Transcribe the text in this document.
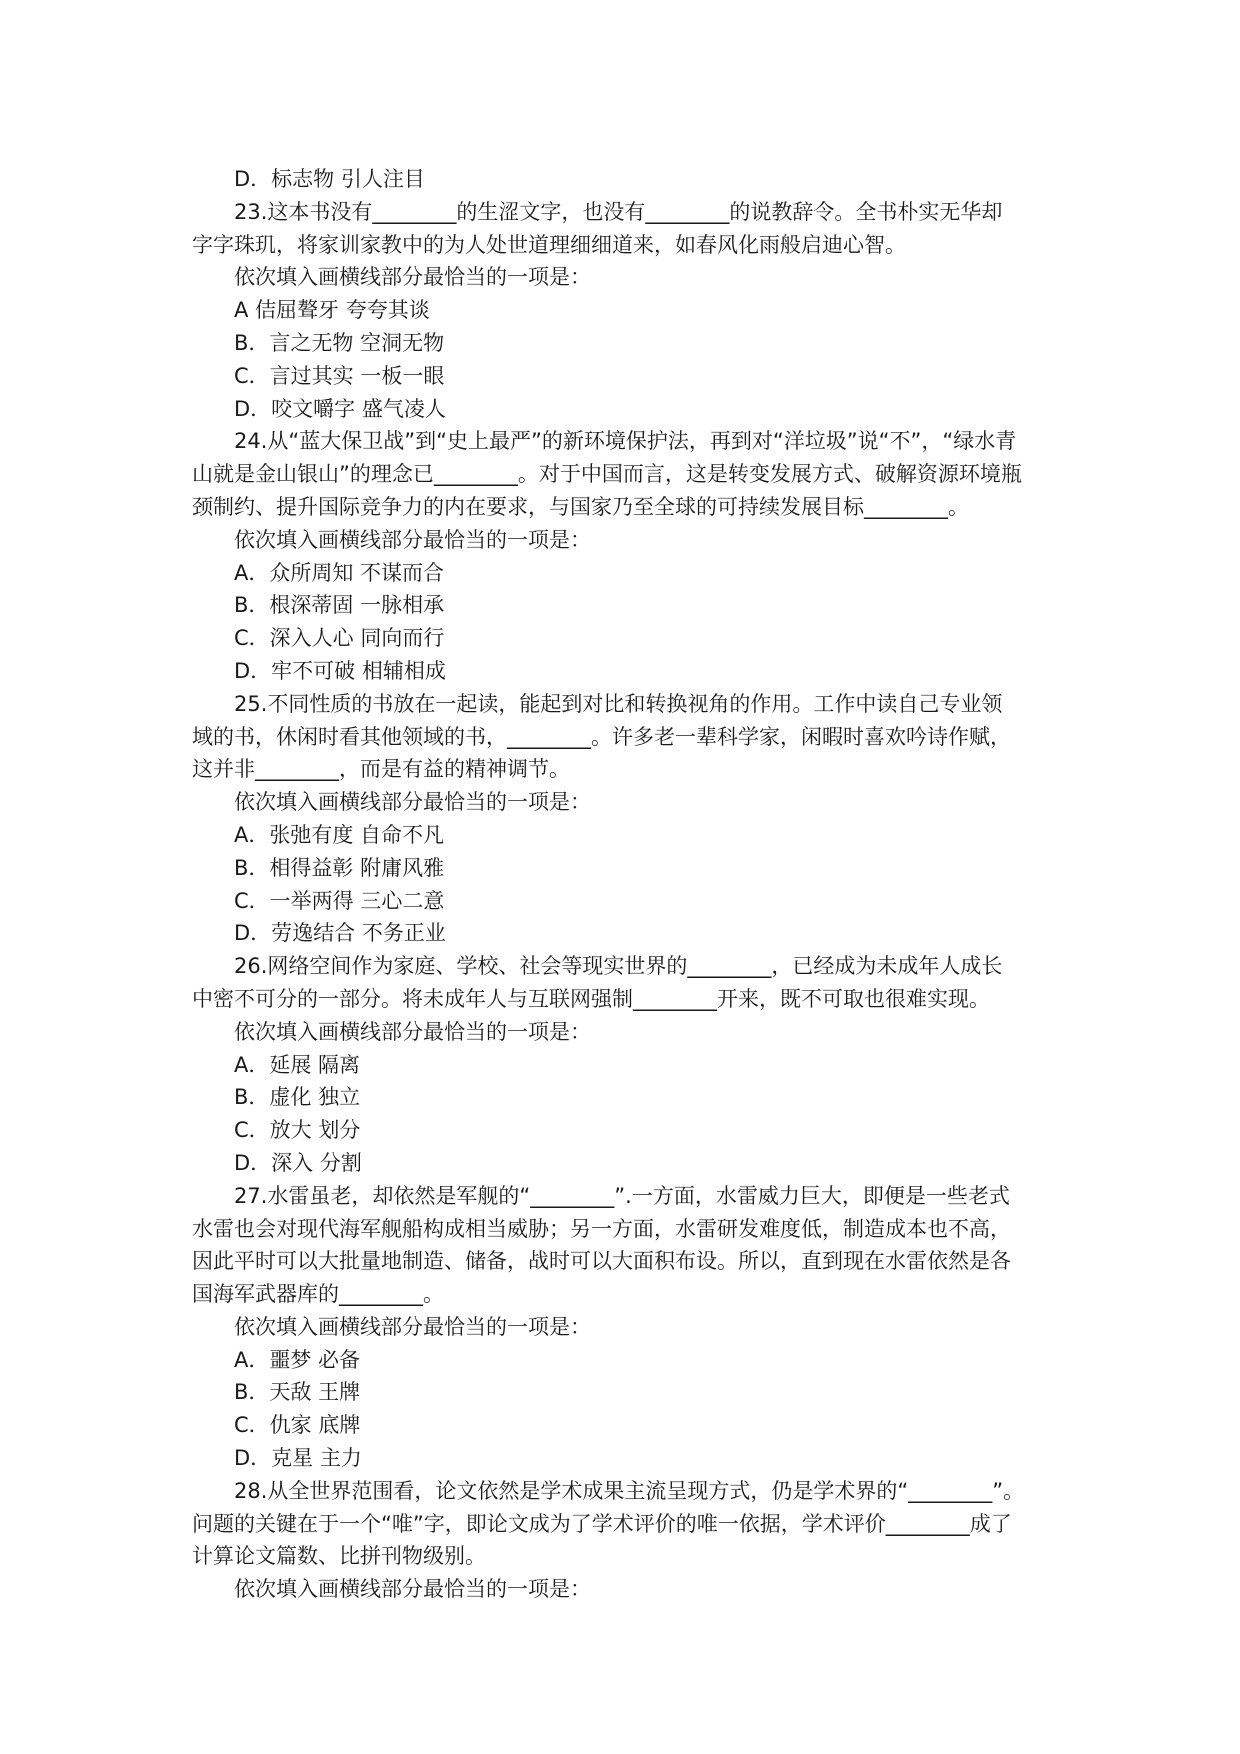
D．标志物 引人注目
23.这本书没有________的生涩文字，也没有________的说教辞令。全书朴实无华却
字字珠玑，将家训家教中的为人处世道理细细道来，如春风化雨般启迪心智。
依次填入画横线部分最恰当的一项是：
A 佶屈聱牙 夸夸其谈
B．言之无物 空洞无物
C．言过其实 一板一眼
D．咬文嚼字 盛气凌人
24.从“蓝大保卫战”到“史上最严”的新环境保护法，再到对“洋垃圾”说“不”，“绿水青
山就是金山银山”的理念已________。对于中国而言，这是转变发展方式、破解资源环境瓶
颈制约、提升国际竞争力的内在要求，与国家乃至全球的可持续发展目标________。
依次填入画横线部分最恰当的一项是：
A．众所周知 不谋而合
B．根深蒂固 一脉相承
C．深入人心 同向而行
D．牢不可破 相辅相成
25.不同性质的书放在一起读，能起到对比和转换视角的作用。工作中读自己专业领
域的书，休闲时看其他领域的书，________。许多老一辈科学家，闲暇时喜欢吟诗作赋，
这并非________，而是有益的精神调节。
依次填入画横线部分最恰当的一项是：
A．张弛有度 自命不凡
B．相得益彰 附庸风雅
C．一举两得 三心二意
D．劳逸结合 不务正业
26.网络空间作为家庭、学校、社会等现实世界的________，已经成为未成年人成长
中密不可分的一部分。将未成年人与互联网强制________开来，既不可取也很难实现。
依次填入画横线部分最恰当的一项是：
A．延展 隔离
B．虚化 独立
C．放大 划分
D．深入 分割
27.水雷虽老，却依然是军舰的“________”.一方面，水雷威力巨大，即便是一些老式
水雷也会对现代海军舰船构成相当威胁；另一方面，水雷研发难度低，制造成本也不高，
因此平时可以大批量地制造、储备，战时可以大面积布设。所以，直到现在水雷依然是各
国海军武器库的________。
依次填入画横线部分最恰当的一项是：
A．噩梦 必备
B．天敌 王牌
C．仇家 底牌
D．克星 主力
28.从全世界范围看，论文依然是学术成果主流呈现方式，仍是学术界的“________”。
问题的关键在于一个“唯”字，即论文成为了学术评价的唯一依据，学术评价________成了
计算论文篇数、比拼刊物级别。
依次填入画横线部分最恰当的一项是：
